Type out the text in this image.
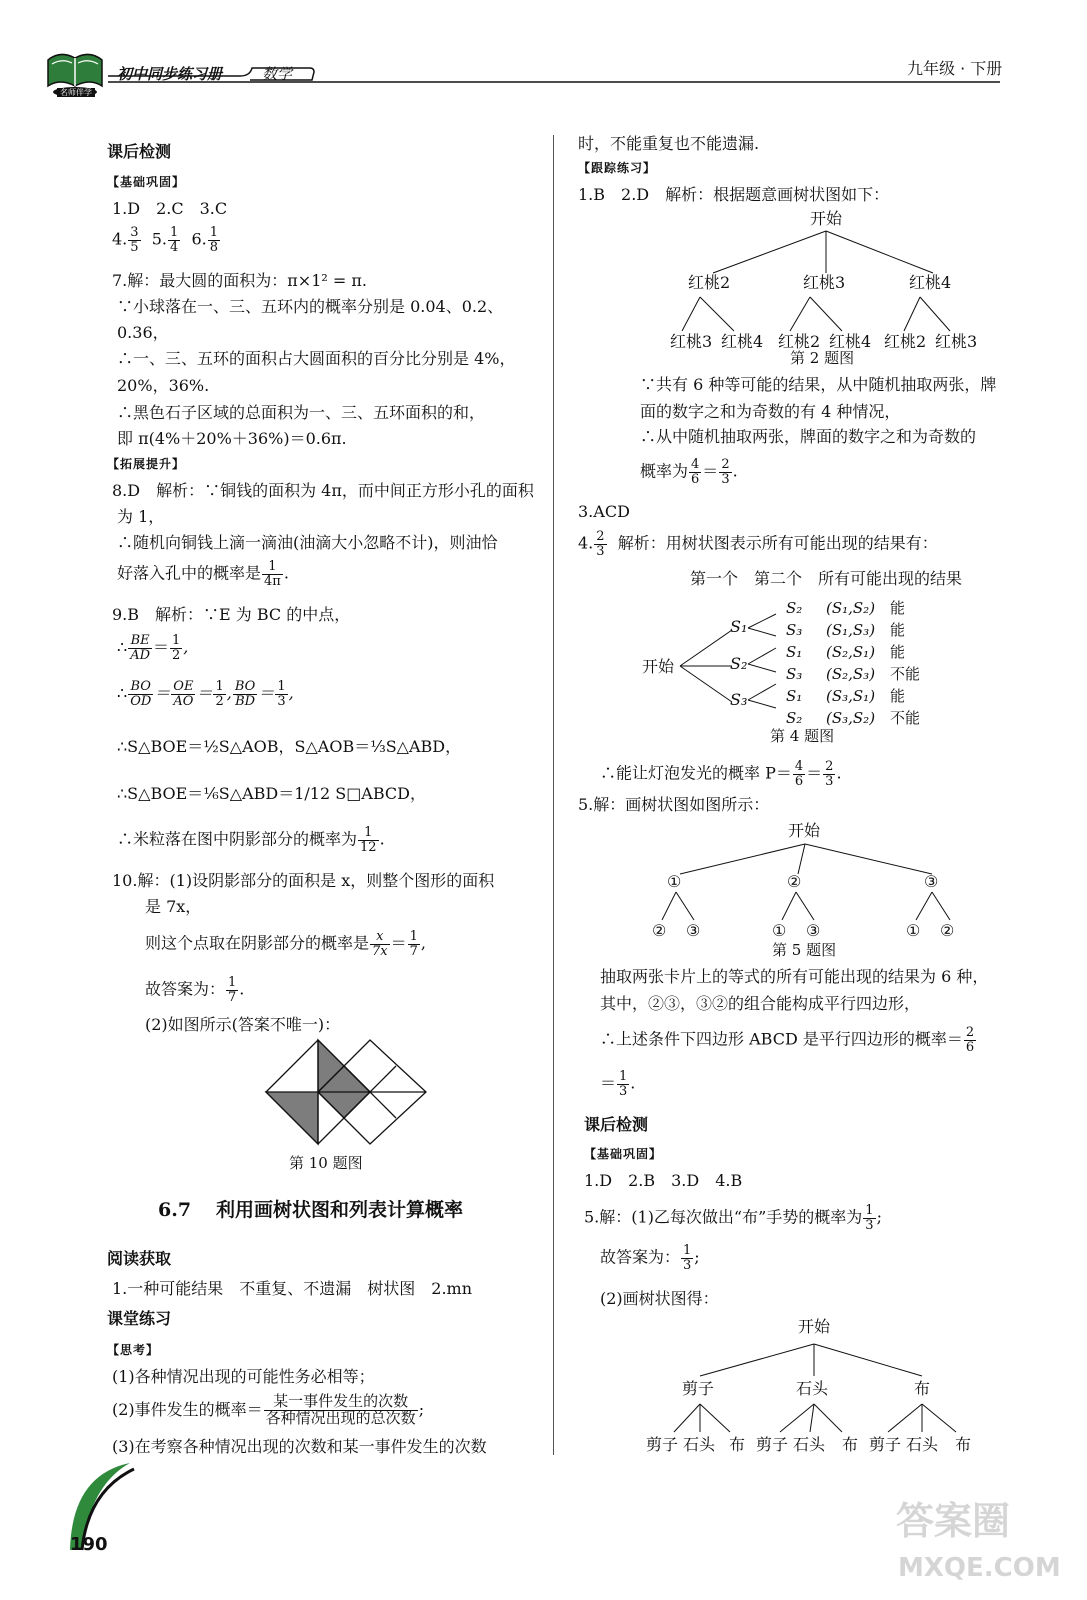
名师伴学
初中同步练习册	数学	九年级 · 下册
课后检测
【基础巩固】
1.D　2.C　3.C
4. $\frac{3}{5} 5$. $\frac{1}{4} 6$. $\frac{1}{8}$
7.解：最大圆的面积为：π×1² = π.
∵小球落在一、三、五环内的概率分别是 0.04、0.2、
0.36，
∴一、三、五环的面积占大圆面积的百分比分别是 4%，
20%，36%.
∴黑色石子区域的总面积为一、三、五环面积的和，
即 π(4%＋20%＋36%)＝0.6π.
【拓展提升】
8.D　解析：∵铜钱的面积为 4π，而中间正方形小孔的面积
为 1，
∴随机向铜钱上滴一滴油(油滴大小忽略不计)，则油恰
好落入孔中的概率是 $\frac{1}{4\pi}$ .
9.B　解析：∵E 为 BC 的中点，
∴ $\frac{BE}{AD} = \frac{1}{2}$ ,
∴ $\frac{BO}{OD} = \frac{OE}{AO} = \frac{1}{2}$ , $\frac{BO}{BD} = \frac{1}{3}$ ,
∴S△BOE＝½S△AOB，S△AOB＝⅓S△ABD，
∴S△BOE＝⅙S△ABD＝1/12 S□ABCD，
∴米粒落在图中阴影部分的概率为 $\frac{1}{12}$ .
10.解：(1)设阴影部分的面积是 x，则整个图形的面积
是 7x，
则这个点取在阴影部分的概率是 $\frac{x}{7x} = \frac{1}{7}$ ,
故答案为： $\frac{1}{7}$ .
(2)如图所示(答案不唯一)：
第 10 题图
6.7 利用画树状图和列表计算概率
阅读获取
1.一种可能结果　不重复、不遗漏　树状图　2.mn
课堂练习
【思考】
(1)各种情况出现的可能性务必相等；
(2)事件发生的概率＝ $\frac{\text{某一事件发生的次数}}{\text{各种情况出现的总次数}}$ ;
(3)在考察各种情况出现的次数和某一事件发生的次数
时，不能重复也不能遗漏.
【跟踪练习】
1.B　2.D　解析：根据题意画树状图如下：
开始
红桃2	红桃3	红桃4
红桃3 红桃4 红桃2 红桃4 红桃2 红桃3
第 2 题图
∵共有 6 种等可能的结果，从中随机抽取两张，牌
面的数字之和为奇数的有 4 种情况，
∴从中随机抽取两张，牌面的数字之和为奇数的
概率为 $\frac{4}{6} = \frac{2}{3}$ .
3.ACD
4. $\frac{2}{3}$ 解析：用树状图表示所有可能出现的结果有：
第一个　第二个　所有可能出现的结果
开始
S₁
S₂
S₃
S₂
S₃
S₁
S₃
S₁
S₂
(S₁,S₂)
(S₁,S₃)
(S₂,S₁)
(S₂,S₃)
(S₃,S₁)
(S₃,S₂)
能
能
能
不能
能
不能
第 4 题图
∴能让灯泡发光的概率 $P= \frac{4}{6} = \frac{2}{3}$ .
5.解：画树状图如图所示：
开始
①	②	③
② ③	① ③	① ②
第 5 题图
抽取两张卡片上的等式的所有可能出现的结果为 6 种，
其中，②③，③②的组合能构成平行四边形，
∴上述条件下四边形 ABCD 是平行四边形的概率＝ $\frac{2}{6}$
＝ $\frac{1}{3}$ .
课后检测
【基础巩固】
1.D　2.B　3.D　4.B
5.解：(1)乙每次做出“布”手势的概率为 $\frac{1}{3}$ ;
故答案为： $\frac{1}{3}$ ;
(2)画树状图得：
开始
剪子	石头	布
剪子 石头 布 剪子 石头 布 剪子 石头 布
190
答案圈
MXQE.COM
